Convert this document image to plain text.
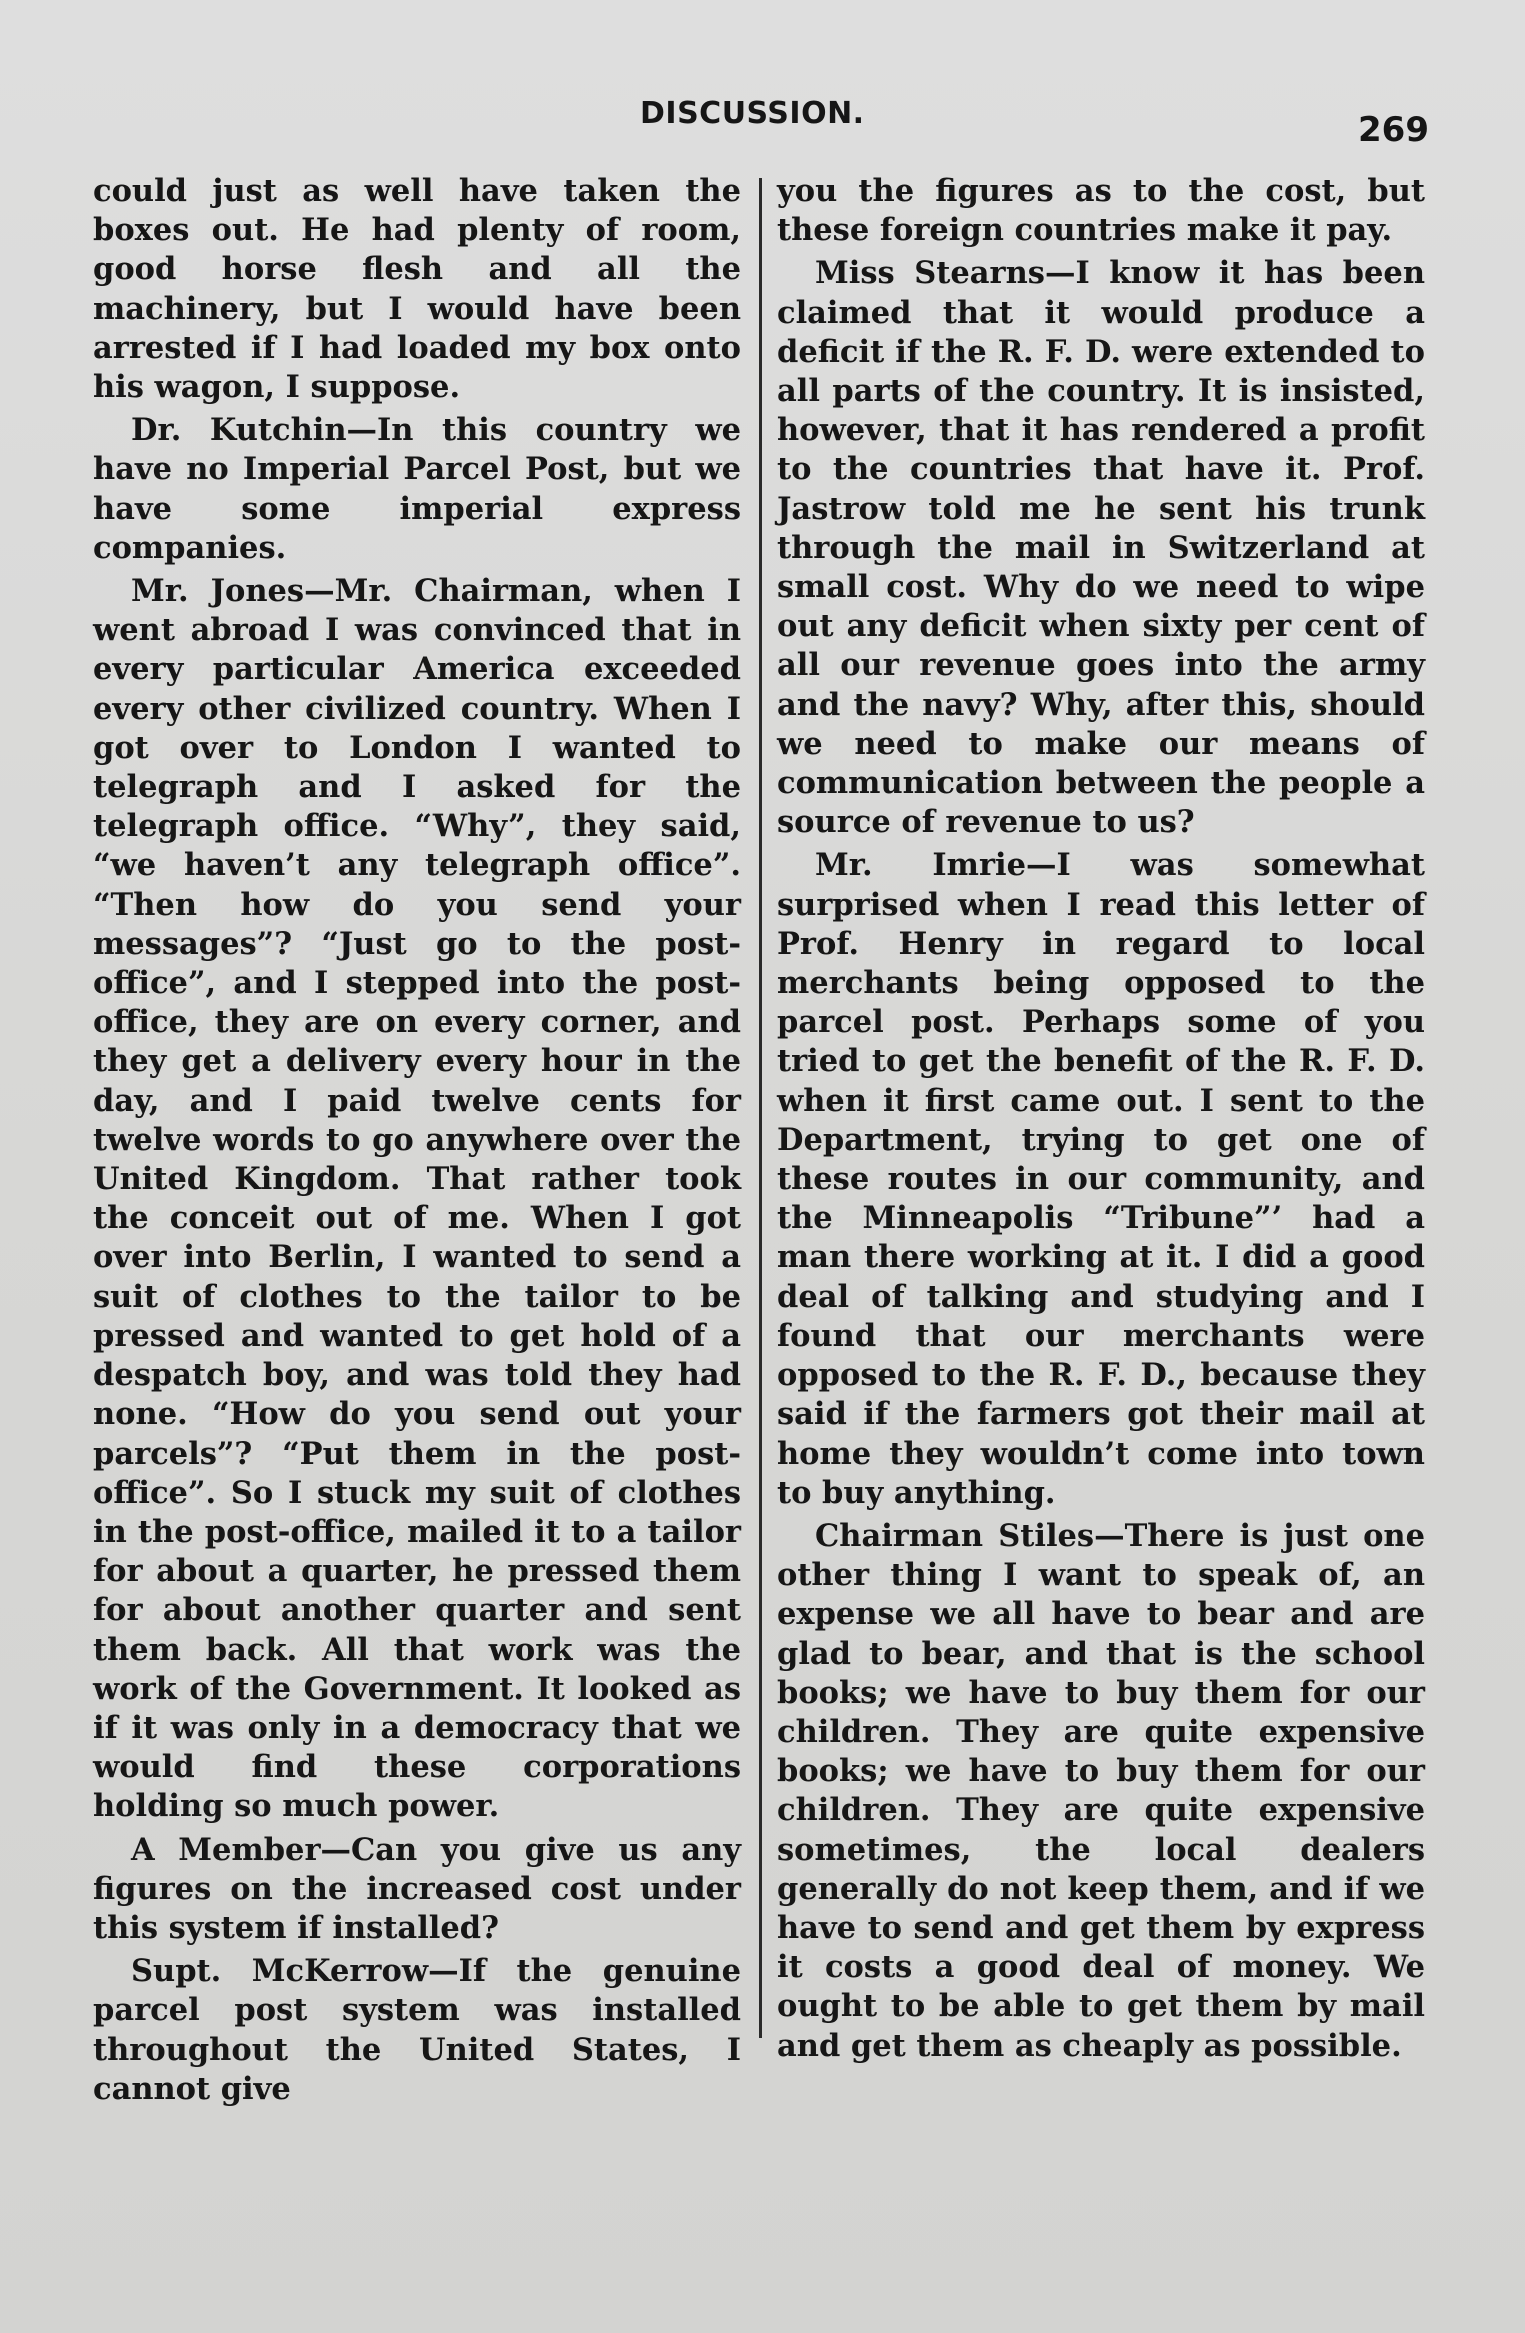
DISCUSSION.	269

could just as well have taken the boxes out. He had plenty of room, good horse flesh and all the machinery, but I would have been arrested if I had loaded my box onto his wagon, I suppose.

Dr. Kutchin—In this country we have no Imperial Parcel Post, but we have some imperial express companies.

Mr. Jones—Mr. Chairman, when I went abroad I was convinced that in every particular America exceeded every other civilized country. When I got over to London I wanted to telegraph and I asked for the telegraph office. “Why”, they said, “we haven’t any telegraph office”. “Then how do you send your messages”? “Just go to the post-office”, and I stepped into the post-office, they are on every corner, and they get a delivery every hour in the day, and I paid twelve cents for twelve words to go anywhere over the United Kingdom. That rather took the conceit out of me. When I got over into Berlin, I wanted to send a suit of clothes to the tailor to be pressed and wanted to get hold of a despatch boy, and was told they had none. “How do you send out your parcels”? “Put them in the post-office”. So I stuck my suit of clothes in the post-office, mailed it to a tailor for about a quarter, he pressed them for about another quarter and sent them back. All that work was the work of the Government. It looked as if it was only in a democracy that we would find these corporations holding so much power.

A Member—Can you give us any figures on the increased cost under this system if installed?

Supt. McKerrow—If the genuine parcel post system was installed throughout the United States, I cannot give

you the figures as to the cost, but these foreign countries make it pay.

Miss Stearns—I know it has been claimed that it would produce a deficit if the R. F. D. were extended to all parts of the country. It is insisted, however, that it has rendered a profit to the countries that have it. Prof. Jastrow told me he sent his trunk through the mail in Switzerland at small cost. Why do we need to wipe out any deficit when sixty per cent of all our revenue goes into the army and the navy? Why, after this, should we need to make our means of communication between the people a source of revenue to us?

Mr. Imrie—I was somewhat surprised when I read this letter of Prof. Henry in regard to local merchants being opposed to the parcel post. Perhaps some of you tried to get the benefit of the R. F. D. when it first came out. I sent to the Department, trying to get one of these routes in our community, and the Minneapolis “Tribune”’ had a man there working at it. I did a good deal of talking and studying and I found that our merchants were opposed to the R. F. D., because they said if the farmers got their mail at home they wouldn’t come into town to buy anything.

Chairman Stiles—There is just one other thing I want to speak of, an expense we all have to bear and are glad to bear, and that is the school books; we have to buy them for our children. They are quite expensive books; we have to buy them for our children. They are quite expensive sometimes, the local dealers generally do not keep them, and if we have to send and get them by express it costs a good deal of money. We ought to be able to get them by mail and get them as cheaply as possible.
